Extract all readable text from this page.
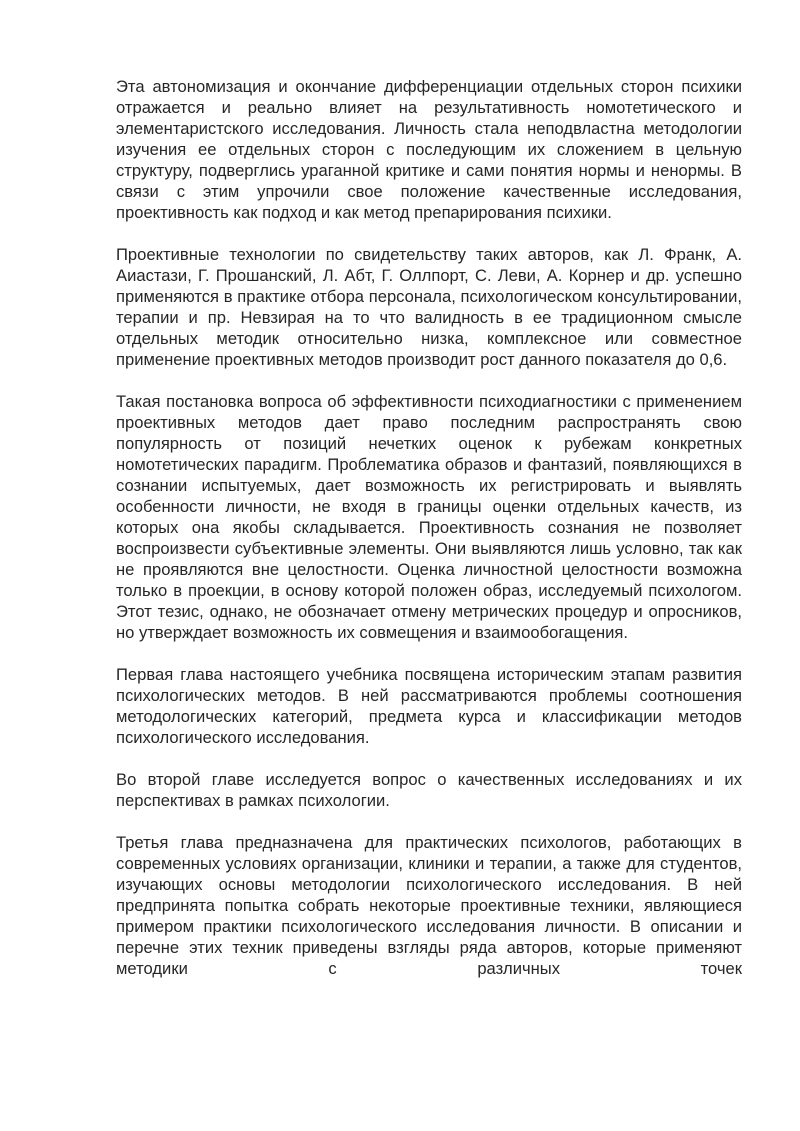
Эта автономизация и окончание дифференциации отдельных сторон психики отражается и реально влияет на результативность номотетического и элементаристского исследования. Личность стала неподвластна методологии изучения ее отдельных сторон с последующим их сложением в цельную структуру, подверглись ураганной критике и сами понятия нормы и ненормы. В связи с этим упрочили свое положение качественные исследования, проективность как подход и как метод препарирования психики.

Проективные технологии по свидетельству таких авторов, как Л. Франк, А. Аиастази, Г. Прошанский, Л. Абт, Г. Оллпорт, С. Леви, А. Корнер и др. успешно применяются в практике отбора персонала, психологическом консультировании, терапии и пр. Невзирая на то что валидность в ее традиционном смысле отдельных методик относительно низка, комплексное или совместное применение проективных методов производит рост данного показателя до 0,6.

Такая постановка вопроса об эффективности психодиагностики с применением проективных методов дает право последним распространять свою популярность от позиций нечетких оценок к рубежам конкретных номотетических парадигм. Проблематика образов и фантазий, появляющихся в сознании испытуемых, дает возможность их регистрировать и выявлять особенности личности, не входя в границы оценки отдельных качеств, из которых она якобы складывается. Проективность сознания не позволяет воспроизвести субъективные элементы. Они выявляются лишь условно, так как не проявляются вне целостности. Оценка личностной целостности возможна только в проекции, в основу которой положен образ, исследуемый психологом. Этот тезис, однако, не обозначает отмену метрических процедур и опросников, но утверждает возможность их совмещения и взаимообогащения.

Первая глава настоящего учебника посвящена историческим этапам развития психологических методов. В ней рассматриваются проблемы соотношения методологических категорий, предмета курса и классификации методов психологического исследования.

Во второй главе исследуется вопрос о качественных исследованиях и их перспективах в рамках психологии.

Третья глава предназначена для практических психологов, работающих в современных условиях организации, клиники и терапии, а также для студентов, изучающих основы методологии психологического исследования. В ней предпринята попытка собрать некоторые проективные техники, являющиеся примером практики психологического исследования личности. В описании и перечне этих техник приведены взгляды ряда авторов, которые применяют методики с различных точек
